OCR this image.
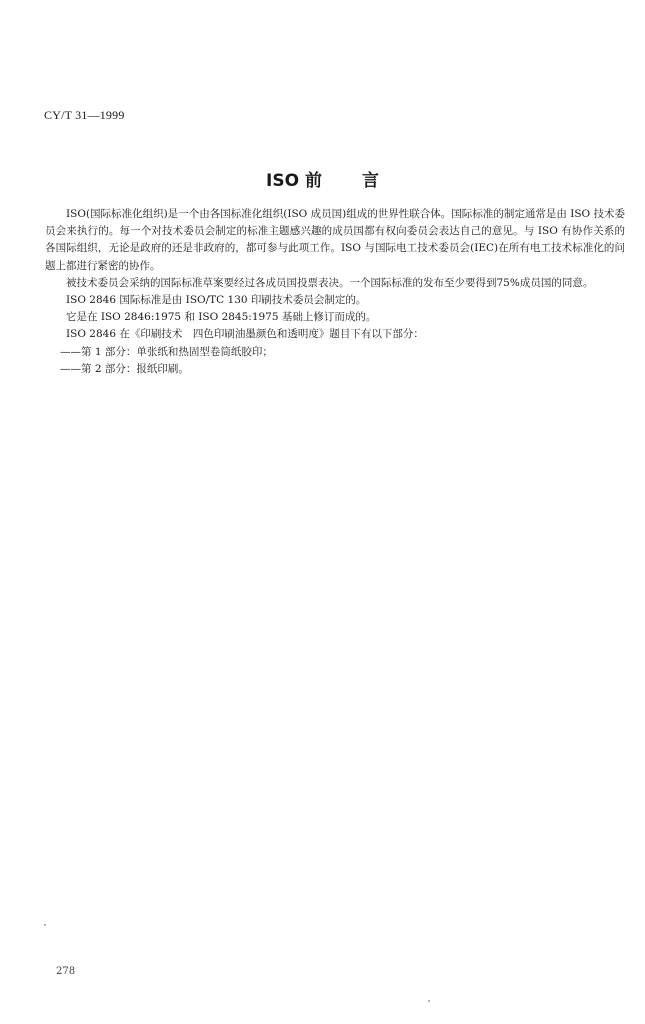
CY/T 31—1999
ISO 前 言

ISO(国际标准化组织)是一个由各国标准化组织(ISO 成员国)组成的世界性联合体。国际标准的制定通常是由 ISO 技术委员会来执行的。每一个对技术委员会制定的标准主题感兴趣的成员国都有权向委员会表达自己的意见。与 ISO 有协作关系的各国际组织，无论是政府的还是非政府的，都可参与此项工作。ISO 与国际电工技术委员会(IEC)在所有电工技术标准化的问题上都进行紧密的协作。

被技术委员会采纳的国际标准草案要经过各成员国投票表决。一个国际标准的发布至少要得到75%成员国的同意。

ISO 2846 国际标准是由 ISO/TC 130 印刷技术委员会制定的。

它是在 ISO 2846:1975 和 ISO 2845:1975 基础上修订而成的。

ISO 2846 在《印刷技术　四色印刷油墨颜色和透明度》题目下有以下部分：

——第 1 部分：单张纸和热固型卷筒纸胶印；

——第 2 部分：报纸印刷。

278
